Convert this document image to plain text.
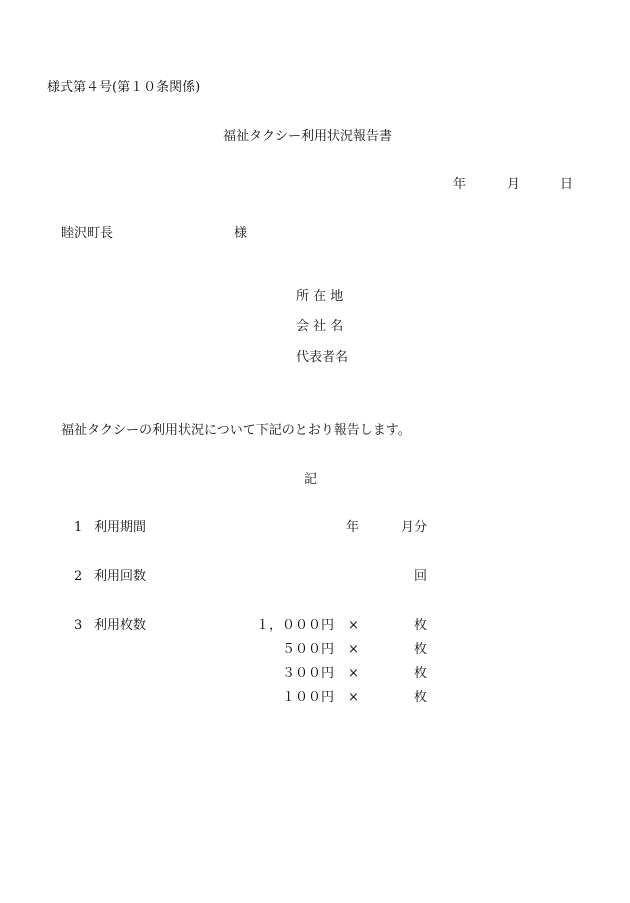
様式第４号(第１０条関係)
福祉タクシー利用状況報告書
年	月	日
睦沢町長	様
所 在 地
会 社 名
代表者名
福祉タクシーの利用状況について下記のとおり報告します。
記
1 利用期間	年	月分
2 利用回数	回
3 利用枚数	１，０００円 ×	枚
５００円 ×	枚
３００円 ×	枚
１００円 ×	枚
